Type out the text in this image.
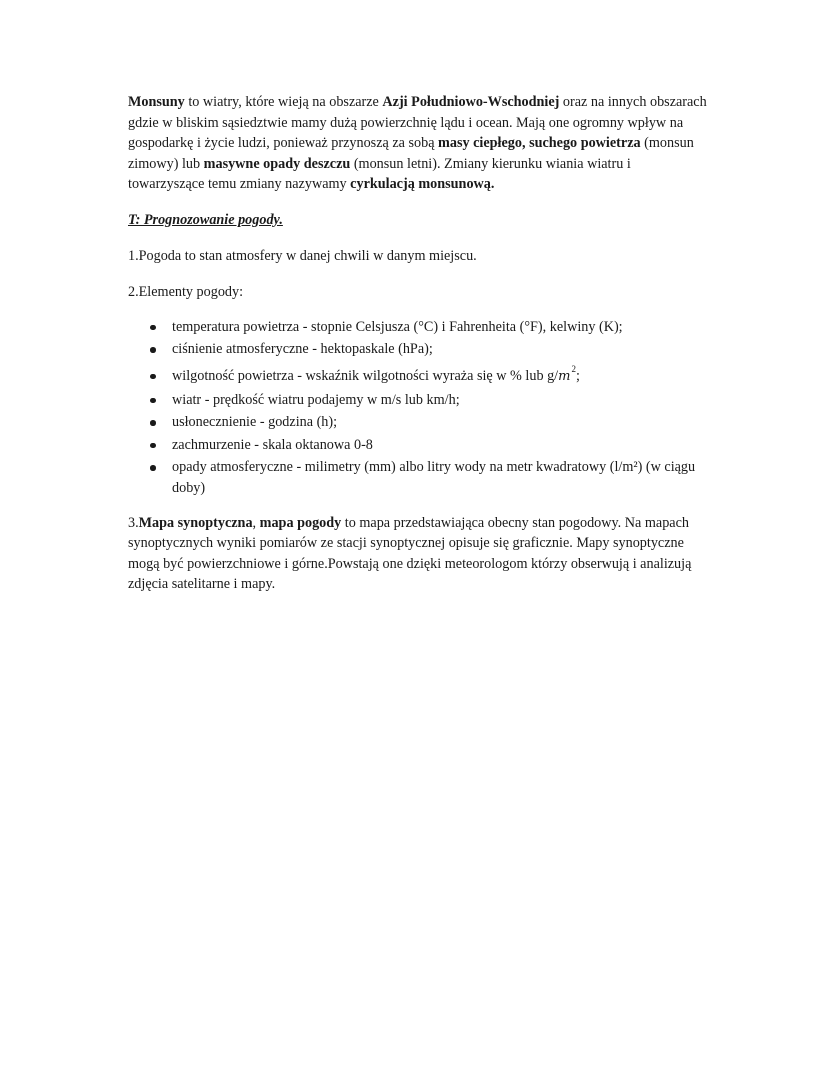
Monsuny to wiatry, które wieją na obszarze Azji Południowo-Wschodniej oraz na innych obszarach gdzie w bliskim sąsiedztwie mamy dużą powierzchnię lądu i ocean. Mają one ogromny wpływ na gospodarkę i życie ludzi, ponieważ przynoszą za sobą masy ciepłego, suchego powietrza (monsun zimowy) lub masywne opady deszczu (monsun letni). Zmiany kierunku wiania wiatru i towarzyszące temu zmiany nazywamy cyrkulacją monsunową.

T: Prognozowanie pogody.

1.Pogoda to stan atmosfery w danej chwili w danym miejscu.

2.Elementy pogody:

temperatura powietrza - stopnie Celsjusza (°C) i Fahrenheita (°F), kelwiny (K);
ciśnienie atmosferyczne - hektopaskale (hPa);
wilgotność powietrza - wskaźnik wilgotności wyraża się w % lub $g/m^2$;
wiatr - prędkość wiatru podajemy w m/s lub km/h;
usłonecznienie - godzina (h);
zachmurzenie - skala oktanowa 0-8
opady atmosferyczne - milimetry (mm) albo litry wody na metr kwadratowy (l/m²) (w ciągu doby)

3.Mapa synoptyczna, mapa pogody to mapa przedstawiająca obecny stan pogodowy. Na mapach synoptycznych wyniki pomiarów ze stacji synoptycznej opisuje się graficznie. Mapy synoptyczne mogą być powierzchniowe i górne.Powstają one dzięki meteorologom którzy obserwują i analizują zdjęcia satelitarne i mapy.
